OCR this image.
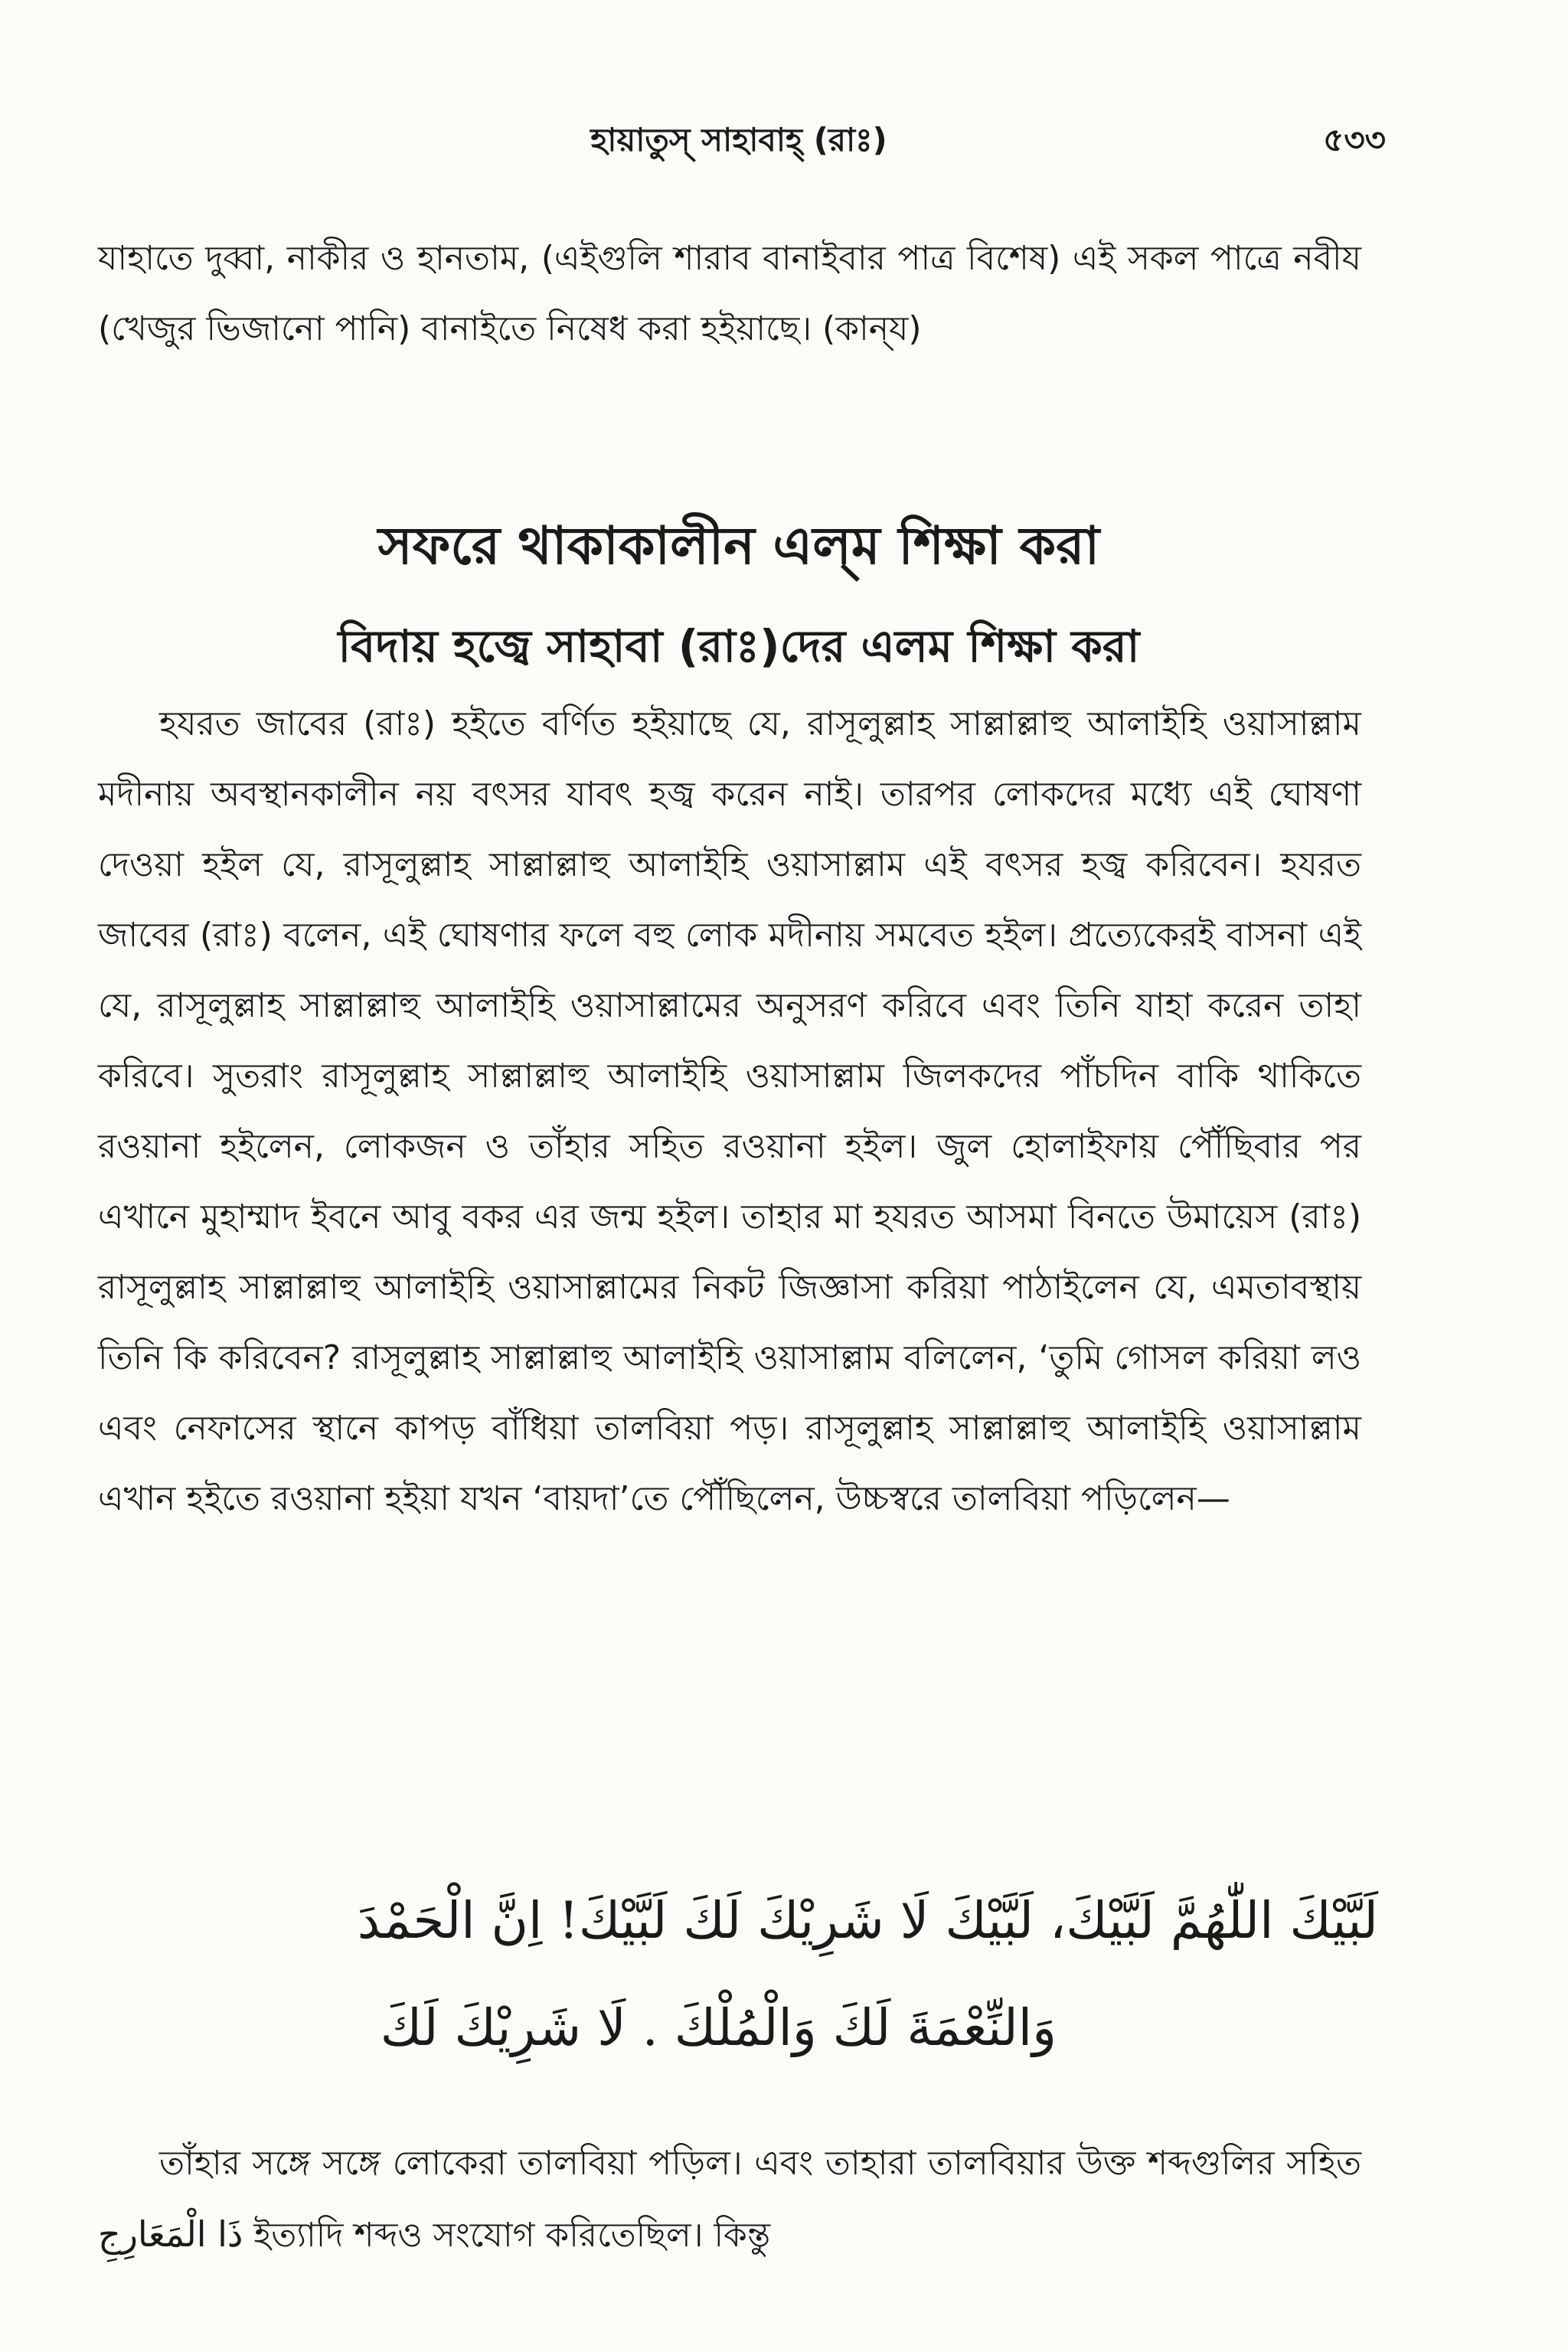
হায়াতুস্ সাহাবাহ্ (রাঃ)	৫৩৩
যাহাতে দুব্বা, নাকীর ও হানতাম, (এইগুলি শারাব বানাইবার পাত্র বিশেষ) এই সকল পাত্রে নবীয (খেজুর ভিজানো পানি) বানাইতে নিষেধ করা হইয়াছে। (কান্‌য)
সফরে থাকাকালীন এল্‌ম শিক্ষা করা
বিদায় হজ্বে সাহাবা (রাঃ)দের এলম শিক্ষা করা
হযরত জাবের (রাঃ) হইতে বর্ণিত হইয়াছে যে, রাসূলুল্লাহ সাল্লাল্লাহু আলাইহি ওয়াসাল্লাম মদীনায় অবস্থানকালীন নয় বৎসর যাবৎ হজ্ব করেন নাই। তারপর লোকদের মধ্যে এই ঘোষণা দেওয়া হইল যে, রাসূলুল্লাহ সাল্লাল্লাহু আলাইহি ওয়াসাল্লাম এই বৎসর হজ্ব করিবেন। হযরত জাবের (রাঃ) বলেন, এই ঘোষণার ফলে বহু লোক মদীনায় সমবেত হইল। প্রত্যেকেরই বাসনা এই যে, রাসূলুল্লাহ সাল্লাল্লাহু আলাইহি ওয়াসাল্লামের অনুসরণ করিবে এবং তিনি যাহা করেন তাহা করিবে। সুতরাং রাসূলুল্লাহ সাল্লাল্লাহু আলাইহি ওয়াসাল্লাম জিলকদের পাঁচদিন বাকি থাকিতে রওয়ানা হইলেন, লোকজন ও তাঁহার সহিত রওয়ানা হইল। জুল হোলাইফায় পৌঁছিবার পর এখানে মুহাম্মাদ ইবনে আবু বকর এর জন্ম হইল। তাহার মা হযরত আসমা বিনতে উমায়েস (রাঃ) রাসূলুল্লাহ সাল্লাল্লাহু আলাইহি ওয়াসাল্লামের নিকট জিজ্ঞাসা করিয়া পাঠাইলেন যে, এমতাবস্থায় তিনি কি করিবেন? রাসূলুল্লাহ সাল্লাল্লাহু আলাইহি ওয়াসাল্লাম বলিলেন, ‘তুমি গোসল করিয়া লও এবং নেফাসের স্থানে কাপড় বাঁধিয়া তালবিয়া পড়। রাসূলুল্লাহ সাল্লাল্লাহু আলাইহি ওয়াসাল্লাম এখান হইতে রওয়ানা হইয়া যখন ‘বায়দা’তে পৌঁছিলেন, উচ্চস্বরে তালবিয়া পড়িলেন—
لَبَّيْكَ اللّٰهُمَّ لَبَّيْكَ، لَبَّيْكَ لَا شَرِيْكَ لَكَ لَبَّيْكَ! اِنَّ الْحَمْدَ
وَالنِّعْمَةَ لَكَ وَالْمُلْكَ . لَا شَرِيْكَ لَكَ
তাঁহার সঙ্গে সঙ্গে লোকেরা তালবিয়া পড়িল। এবং তাহারা তালবিয়ার উক্ত শব্দগুলির সহিত ذَا الْمَعَارِجِ ইত্যাদি শব্দও সংযোগ করিতেছিল। কিন্তু
